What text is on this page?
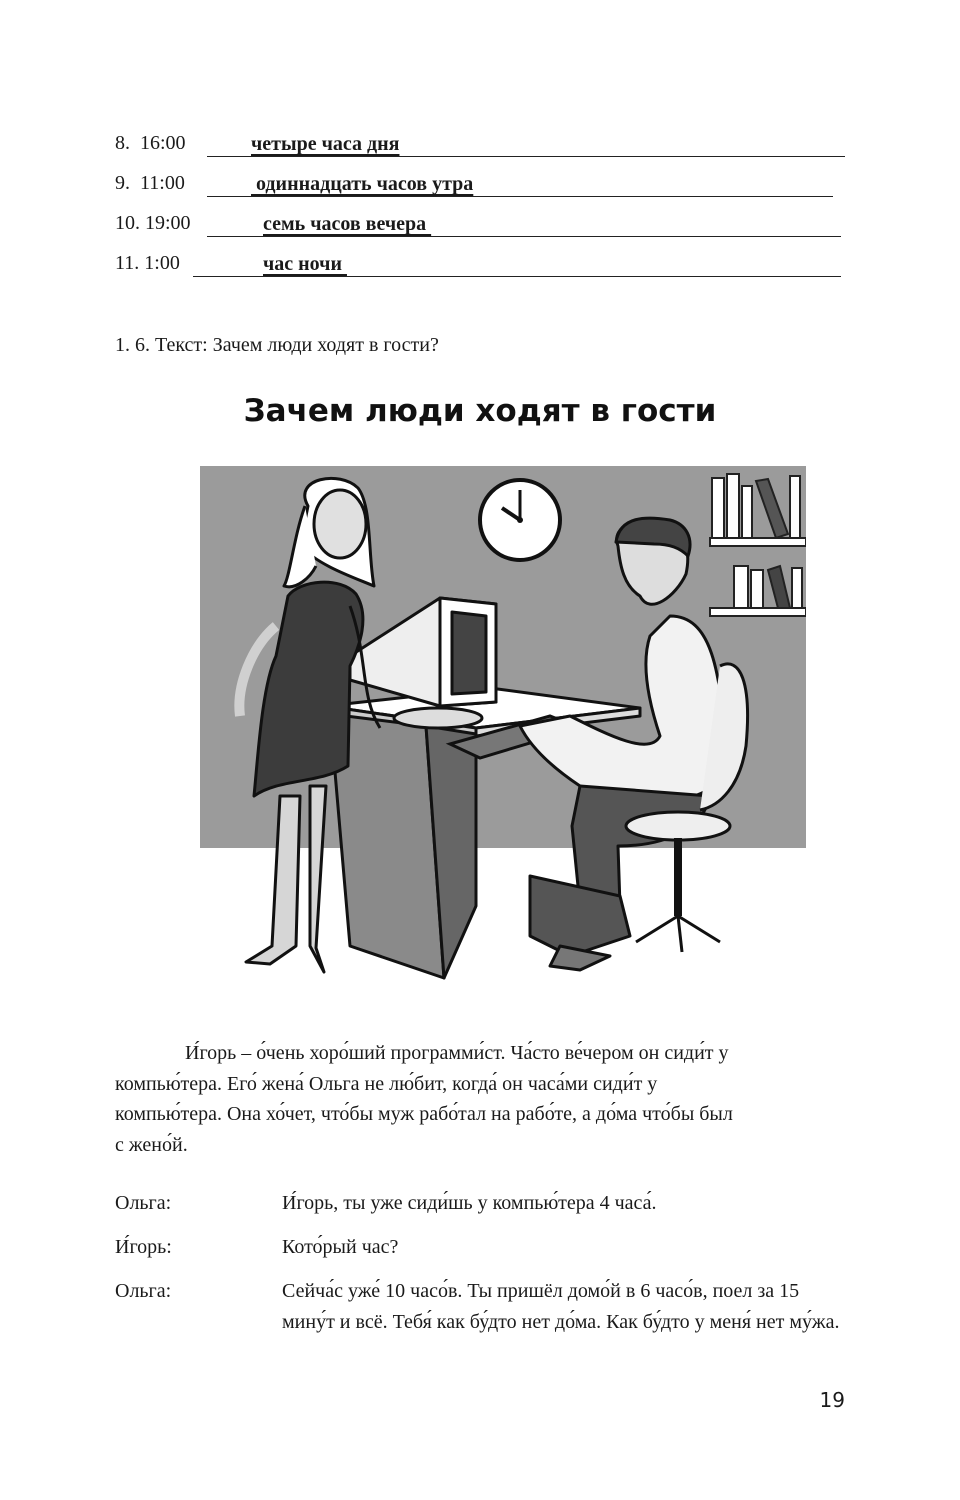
8.  16:00	четыре часа дня
9.  11:00	одиннадцать часов утра
10. 19:00	семь часов вечера
11. 1:00	час ночи
1. 6. Текст: Зачем люди ходят в гости?
Зачем люди ходят в гости
И́горь – о́чень хоро́ший программи́ст. Ча́сто ве́чером он сиди́т у
компью́тера. Его́ жена́ Ольга не лю́бит, когда́ он часа́ми сиди́т у
компью́тера. Она хо́чет, что́бы муж рабо́тал на рабо́те, а до́ма что́бы был
с жено́й.
Ольга:	И́горь, ты уже сиди́шь у компью́тера 4 часа́.
И́горь:	Кото́рый час?
Ольга:	Сейча́с уже́ 10 часо́в. Ты пришёл домо́й в 6 часо́в, поел за 15 мину́т и всё. Тебя́ как бу́дто нет до́ма. Как бу́дто у меня́ нет му́жа.
19
